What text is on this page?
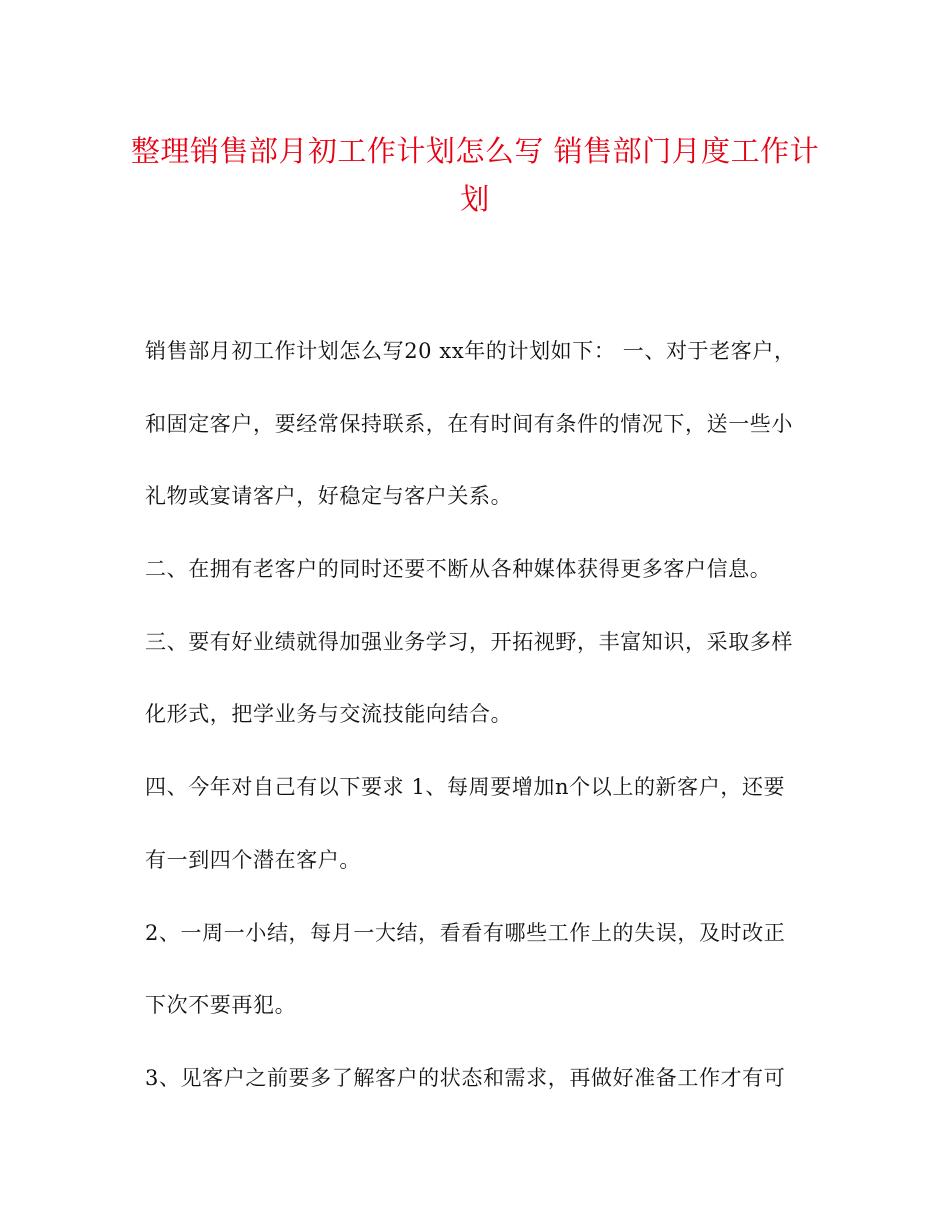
整理销售部月初工作计划怎么写 销售部门月度工作计
划
销售部月初工作计划怎么写20 xx年的计划如下： 一、对于老客户，
和固定客户，要经常保持联系，在有时间有条件的情况下，送一些小
礼物或宴请客户，好稳定与客户关系。
二、在拥有老客户的同时还要不断从各种媒体获得更多客户信息。
三、要有好业绩就得加强业务学习，开拓视野，丰富知识，采取多样
化形式，把学业务与交流技能向结合。
四、今年对自己有以下要求 1、每周要增加n个以上的新客户，还要
有一到四个潜在客户。
2、一周一小结，每月一大结，看看有哪些工作上的失误，及时改正
下次不要再犯。
3、见客户之前要多了解客户的状态和需求，再做好准备工作才有可
